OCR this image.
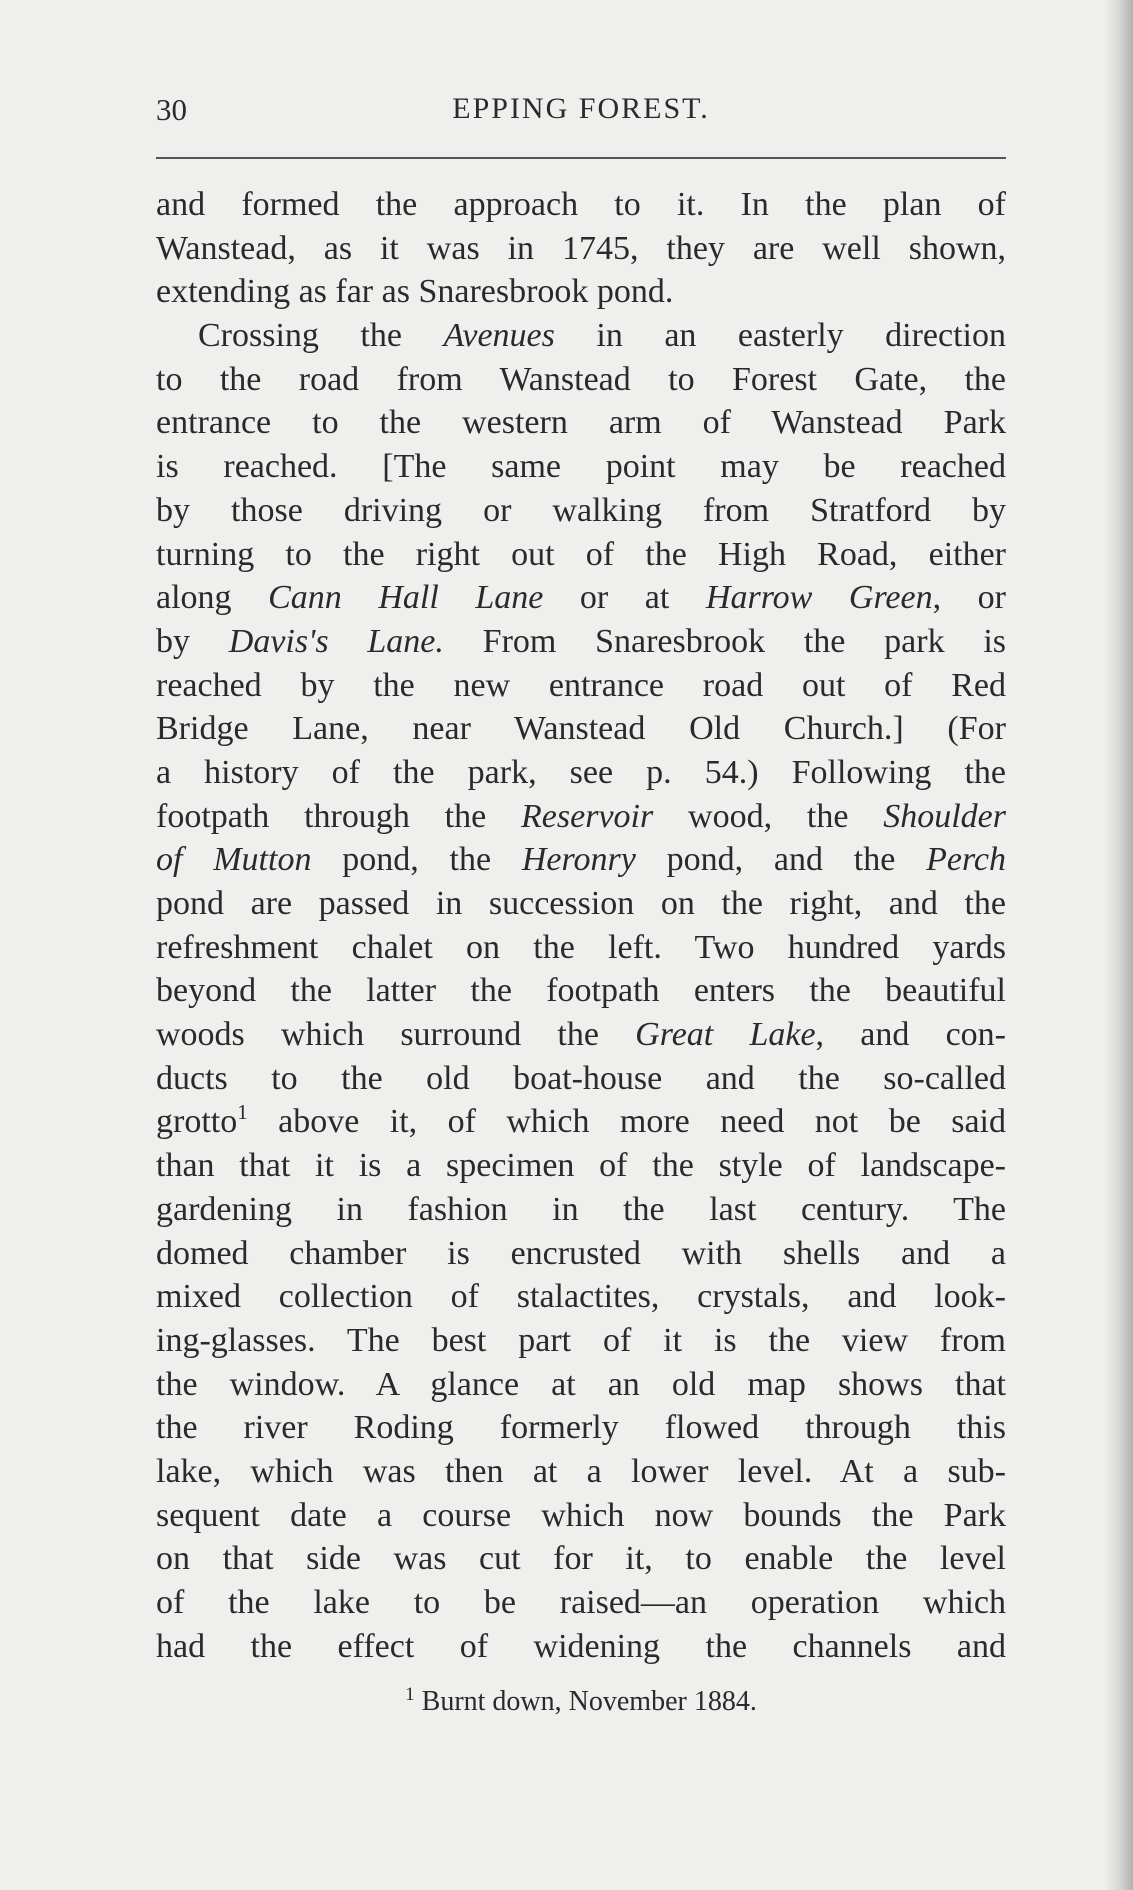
30	EPPING FOREST.
and formed the approach to it. In the plan of
Wanstead, as it was in 1745, they are well shown,
extending as far as Snaresbrook pond.
Crossing the Avenues in an easterly direction
to the road from Wanstead to Forest Gate, the
entrance to the western arm of Wanstead Park
is reached. [The same point may be reached
by those driving or walking from Stratford by
turning to the right out of the High Road, either
along Cann Hall Lane or at Harrow Green, or
by Davis's Lane. From Snaresbrook the park is
reached by the new entrance road out of Red
Bridge Lane, near Wanstead Old Church.] (For
a history of the park, see p. 54.) Following the
footpath through the Reservoir wood, the Shoulder
of Mutton pond, the Heronry pond, and the Perch
pond are passed in succession on the right, and the
refreshment chalet on the left. Two hundred yards
beyond the latter the footpath enters the beautiful
woods which surround the Great Lake, and con-
ducts to the old boat-house and the so-called
grotto$^1$ above it, of which more need not be said
than that it is a specimen of the style of landscape-
gardening in fashion in the last century. The
domed chamber is encrusted with shells and a
mixed collection of stalactites, crystals, and look-
ing-glasses. The best part of it is the view from
the window. A glance at an old map shows that
the river Roding formerly flowed through this
lake, which was then at a lower level. At a sub-
sequent date a course which now bounds the Park
on that side was cut for it, to enable the level
of the lake to be raised—an operation which
had the effect of widening the channels and
$^1$ Burnt down, November 1884.
